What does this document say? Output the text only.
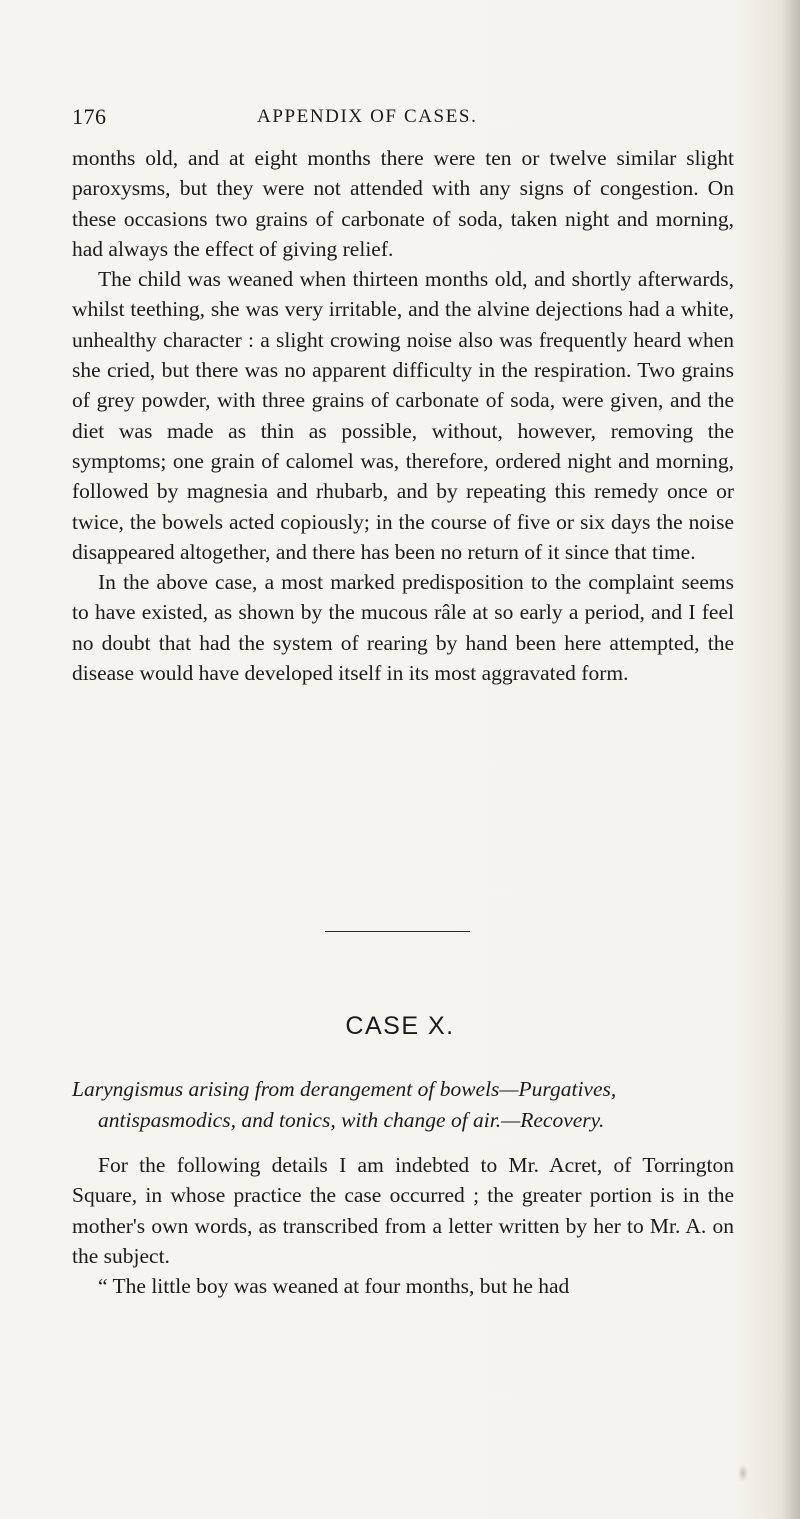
176	APPENDIX OF CASES.

months old, and at eight months there were ten or twelve similar slight paroxysms, but they were not attended with any signs of congestion. On these occasions two grains of carbonate of soda, taken night and morning, had always the effect of giving relief.

The child was weaned when thirteen months old, and shortly afterwards, whilst teething, she was very irritable, and the alvine dejections had a white, unhealthy character : a slight crowing noise also was frequently heard when she cried, but there was no apparent difficulty in the respiration. Two grains of grey powder, with three grains of carbonate of soda, were given, and the diet was made as thin as possible, without, however, removing the symptoms; one grain of calomel was, therefore, ordered night and morning, followed by magnesia and rhubarb, and by repeating this remedy once or twice, the bowels acted copiously; in the course of five or six days the noise disappeared altogether, and there has been no return of it since that time.

In the above case, a most marked predisposition to the complaint seems to have existed, as shown by the mucous râle at so early a period, and I feel no doubt that had the system of rearing by hand been here attempted, the disease would have developed itself in its most aggravated form.

CASE X.
Laryngismus arising from derangement of bowels—Purgatives,
antispasmodics, and tonics, with change of air.—Recovery.

For the following details I am indebted to Mr. Acret, of Torrington Square, in whose practice the case occurred ; the greater portion is in the mother's own words, as transcribed from a letter written by her to Mr. A. on the subject.

“ The little boy was weaned at four months, but he had
